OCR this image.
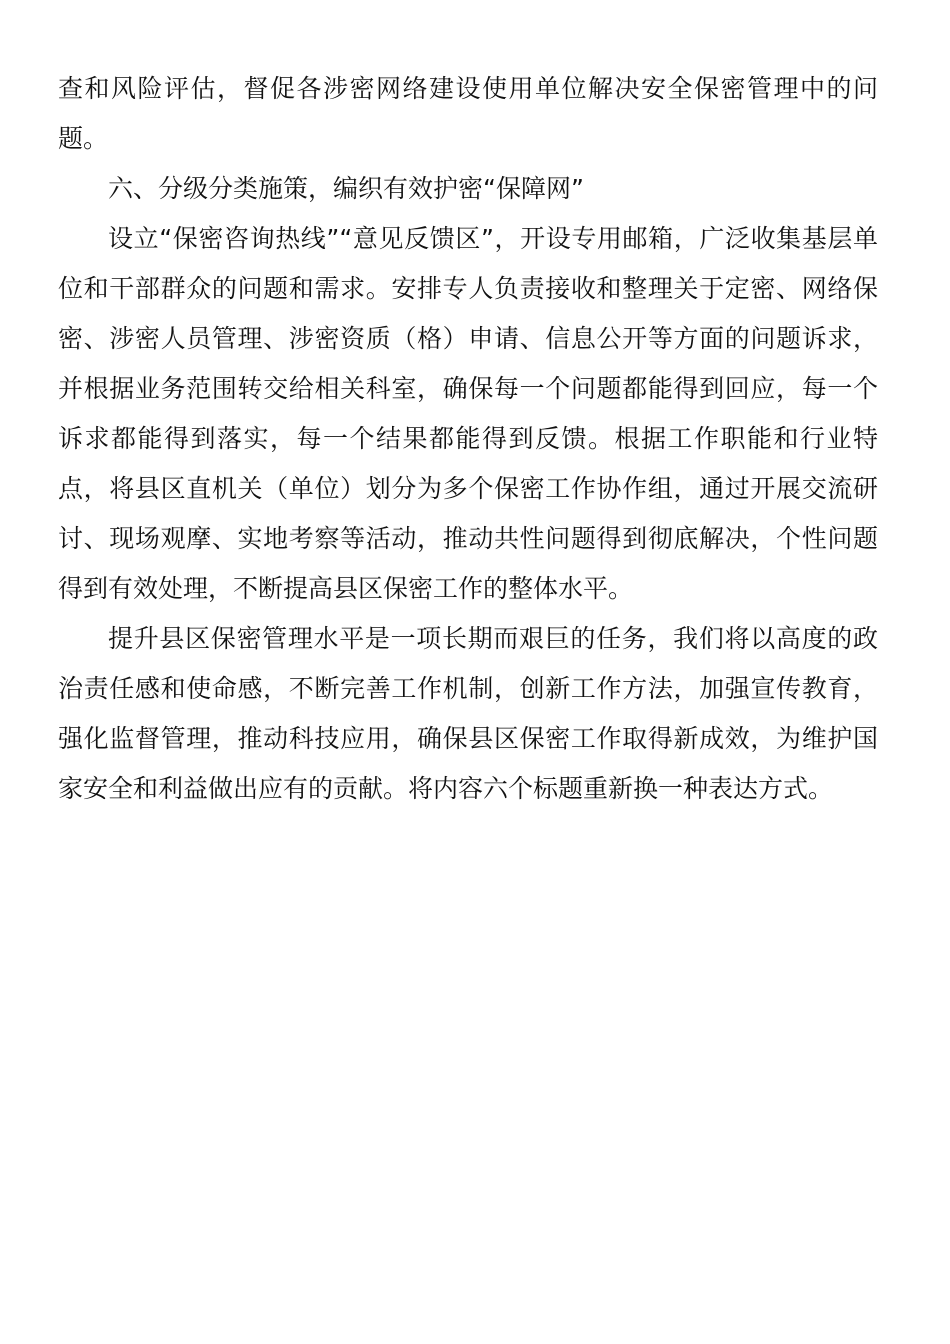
查和风险评估，督促各涉密网络建设使用单位解决安全保密管理中的问题。

六、分级分类施策，编织有效护密“保障网”

设立“保密咨询热线”“意见反馈区”，开设专用邮箱，广泛收集基层单位和干部群众的问题和需求。安排专人负责接收和整理关于定密、网络保密、涉密人员管理、涉密资质（格）申请、信息公开等方面的问题诉求，并根据业务范围转交给相关科室，确保每一个问题都能得到回应，每一个诉求都能得到落实，每一个结果都能得到反馈。根据工作职能和行业特点，将县区直机关（单位）划分为多个保密工作协作组，通过开展交流研讨、现场观摩、实地考察等活动，推动共性问题得到彻底解决，个性问题得到有效处理，不断提高县区保密工作的整体水平。

提升县区保密管理水平是一项长期而艰巨的任务，我们将以高度的政治责任感和使命感，不断完善工作机制，创新工作方法，加强宣传教育，强化监督管理，推动科技应用，确保县区保密工作取得新成效，为维护国家安全和利益做出应有的贡献。将内容六个标题重新换一种表达方式。
